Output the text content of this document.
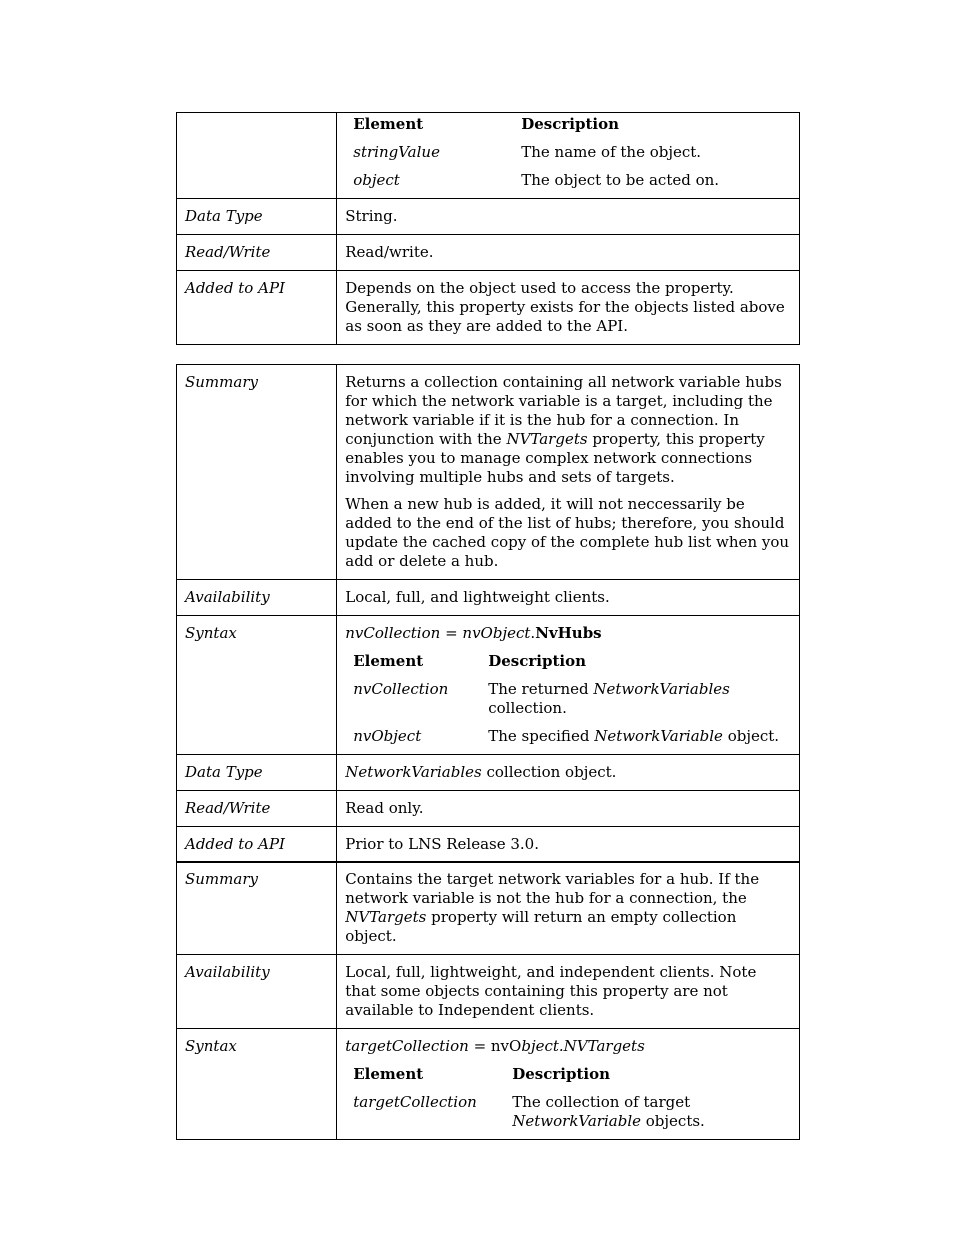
Element	Description
stringValue	The name of the object.
object	The object to be acted on.

Data Type	String.
Read/Write	Read/write.
Added to API	Depends on the object used to access the property. Generally, this property exists for the objects listed above as soon as they are added to the API.
Summary	Returns a collection containing all network variable hubs for which the network variable is a target, including the network variable if it is the hub for a connection. In conjunction with the NVTargets property, this property enables you to manage complex network connections involving multiple hubs and sets of targets.

When a new hub is added, it will not neccessarily be added to the end of the list of hubs; therefore, you should update the cached copy of the complete hub list when you add or delete a hub.

Availability	Local, full, and lightweight clients.
Syntax	nvCollection = nvObject.NvHubs

Element	Description
nvCollection	The returned NetworkVariables collection.
nvObject	The specified NetworkVariable object.

Data Type	NetworkVariables collection object.
Read/Write	Read only.
Added to API	Prior to LNS Release 3.0.
Summary	Contains the target network variables for a hub. If the network variable is not the hub for a connection, the NVTargets property will return an empty collection object.
Availability	Local, full, lightweight, and independent clients. Note that some objects containing this property are not available to Independent clients.
Syntax	targetCollection = nvObject.NVTargets

Element	Description
targetCollection	The collection of target NetworkVariable objects.
